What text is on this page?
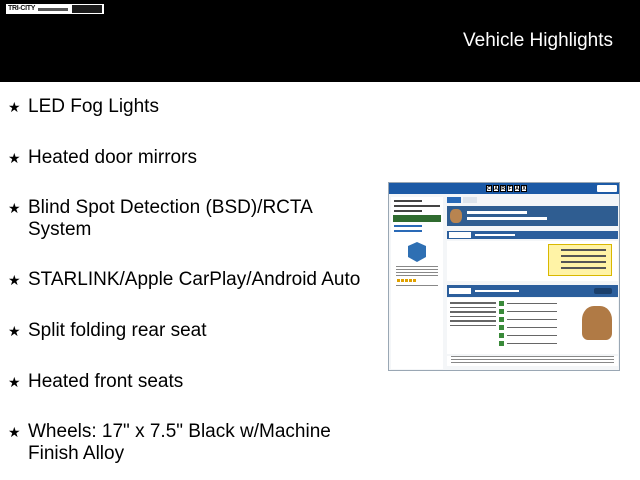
TRI-CITY
Vehicle Highlights
★ LED Fog Lights
★ Heated door mirrors
★ Blind Spot Detection (BSD)/RCTA System
★ STARLINK/Apple CarPlay/Android Auto
★ Split folding rear seat
★ Heated front seats
★ Wheels: 17" x 7.5" Black w/Machine Finish Alloy
C A R F A X
